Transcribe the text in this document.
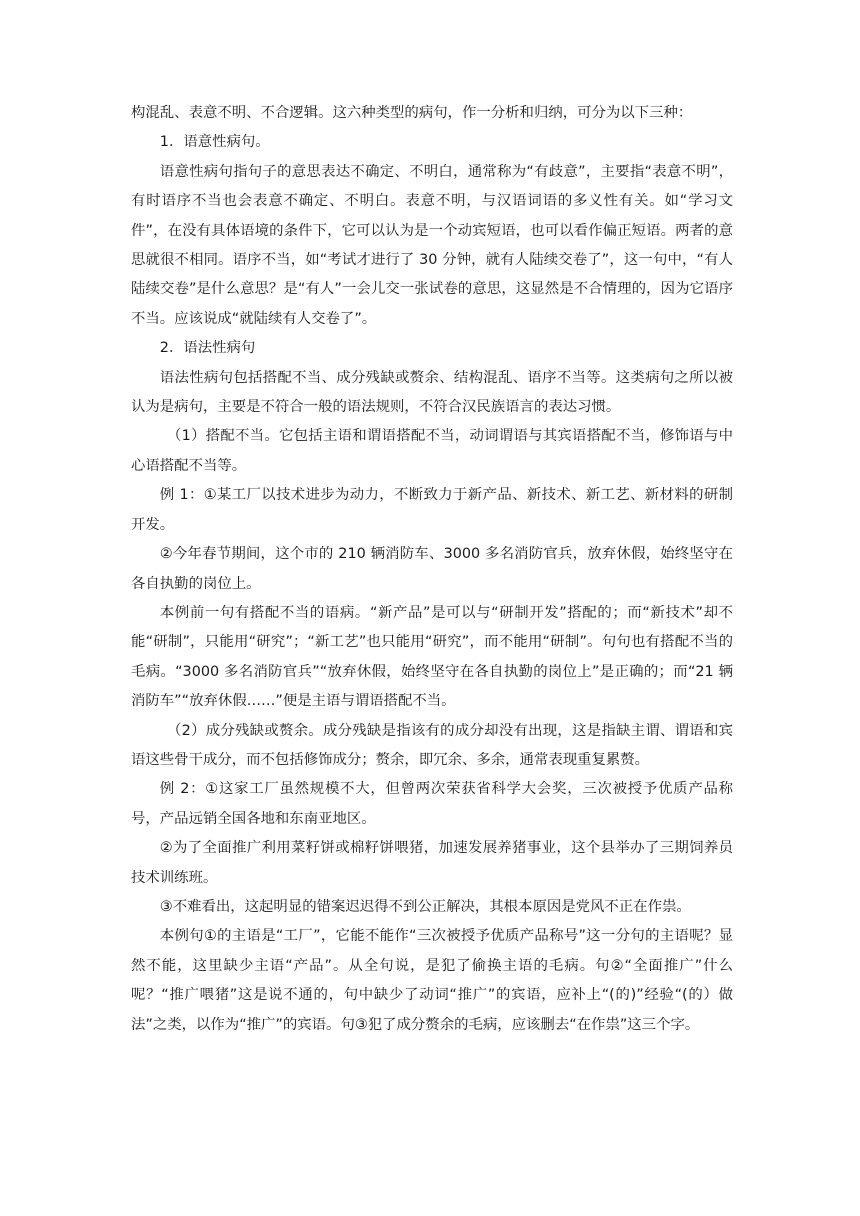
构混乱、表意不明、不合逻辑。这六种类型的病句，作一分析和归纳，可分为以下三种：

1．语意性病句。

语意性病句指句子的意思表达不确定、不明白，通常称为“有歧意”，主要指“表意不明”，有时语序不当也会表意不确定、不明白。表意不明，与汉语词语的多义性有关。如“学习文件”，在没有具体语境的条件下，它可以认为是一个动宾短语，也可以看作偏正短语。两者的意思就很不相同。语序不当，如“考试才进行了 30 分钟，就有人陆续交卷了”，这一句中，“有人陆续交卷”是什么意思？是“有人”一会儿交一张试卷的意思，这显然是不合情理的，因为它语序不当。应该说成“就陆续有人交卷了”。

2．语法性病句

语法性病句包括搭配不当、成分残缺或赘余、结构混乱、语序不当等。这类病句之所以被认为是病句，主要是不符合一般的语法规则，不符合汉民族语言的表达习惯。

（1）搭配不当。它包括主语和谓语搭配不当，动词谓语与其宾语搭配不当，修饰语与中心语搭配不当等。

例 1：①某工厂以技术进步为动力，不断致力于新产品、新技术、新工艺、新材料的研制开发。

②今年春节期间，这个市的 210 辆消防车、3000 多名消防官兵，放弃休假，始终坚守在各自执勤的岗位上。

本例前一句有搭配不当的语病。“新产品”是可以与“研制开发”搭配的；而“新技术”却不能“研制”，只能用“研究”；“新工艺”也只能用“研究”，而不能用“研制”。句句也有搭配不当的毛病。“3000 多名消防官兵”“放弃休假，始终坚守在各自执勤的岗位上”是正确的；而“21 辆消防车”“放弃休假……”便是主语与谓语搭配不当。

（2）成分残缺或赘余。成分残缺是指该有的成分却没有出现，这是指缺主谓、谓语和宾语这些骨干成分，而不包括修饰成分；赘余，即冗余、多余，通常表现重复累赘。

例 2：①这家工厂虽然规模不大，但曾两次荣获省科学大会奖，三次被授予优质产品称号，产品远销全国各地和东南亚地区。

②为了全面推广利用菜籽饼或棉籽饼喂猪，加速发展养猪事业，这个县举办了三期饲养员技术训练班。

③不难看出，这起明显的错案迟迟得不到公正解决，其根本原因是党风不正在作祟。

本例句①的主语是“工厂”，它能不能作“三次被授予优质产品称号”这一分句的主语呢？显然不能，这里缺少主语“产品”。从全句说，是犯了偷换主语的毛病。句②“全面推广”什么呢？“推广喂猪”这是说不通的，句中缺少了动词“推广”的宾语，应补上“(的)”经验“(的）做法”之类，以作为“推广”的宾语。句③犯了成分赘余的毛病，应该删去“在作祟”这三个字。
